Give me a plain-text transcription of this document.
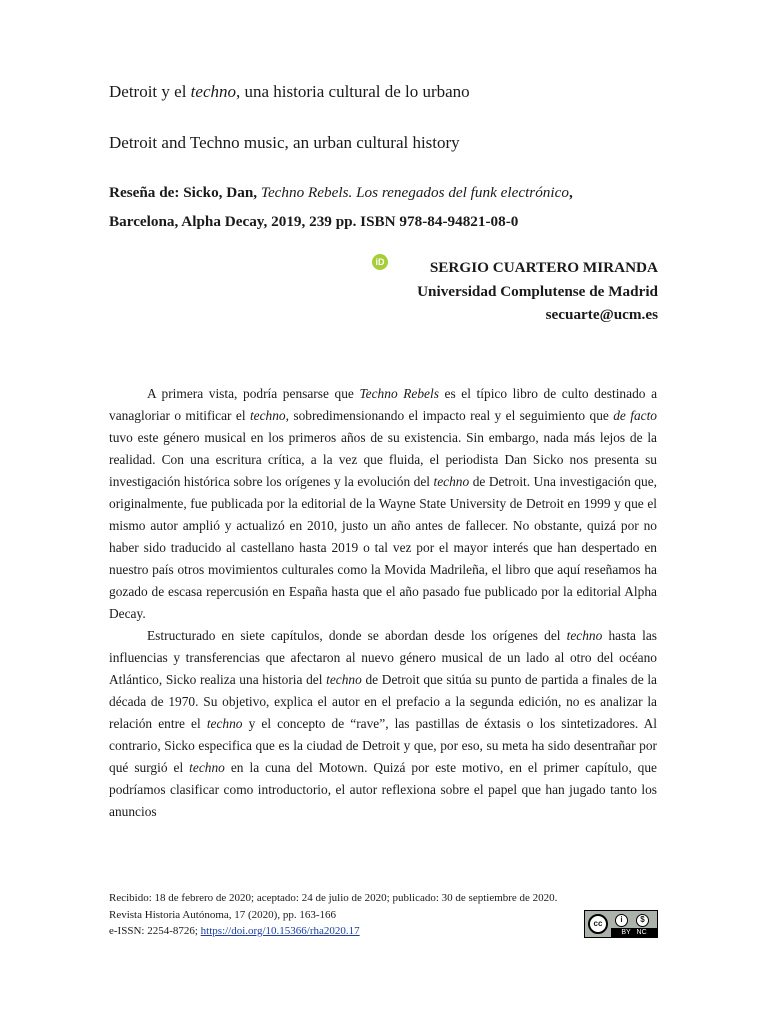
Detroit y el techno, una historia cultural de lo urbano
Detroit and Techno music, an urban cultural history
Reseña de: Sicko, Dan, Techno Rebels. Los renegados del funk electrónico,
Barcelona, Alpha Decay, 2019, 239 pp. ISBN 978-84-94821-08-0
iD	SERGIO CUARTERO MIRANDA
Universidad Complutense de Madrid
secuarte@ucm.es

A primera vista, podría pensarse que Techno Rebels es el típico libro de culto destinado a vanagloriar o mitificar el techno, sobredimensionando el impacto real y el seguimiento que de facto tuvo este género musical en los primeros años de su existencia. Sin embargo, nada más lejos de la realidad. Con una escritura crítica, a la vez que fluida, el periodista Dan Sicko nos presenta su investigación histórica sobre los orígenes y la evolución del techno de Detroit. Una investigación que, originalmente, fue publicada por la editorial de la Wayne State University de Detroit en 1999 y que el mismo autor amplió y actualizó en 2010, justo un año antes de fallecer. No obstante, quizá por no haber sido traducido al castellano hasta 2019 o tal vez por el mayor interés que han despertado en nuestro país otros movimientos culturales como la Movida Madrileña, el libro que aquí reseñamos ha gozado de escasa repercusión en España hasta que el año pasado fue publicado por la editorial Alpha Decay.

Estructurado en siete capítulos, donde se abordan desde los orígenes del techno hasta las influencias y transferencias que afectaron al nuevo género musical de un lado al otro del océano Atlántico, Sicko realiza una historia del techno de Detroit que sitúa su punto de partida a finales de la década de 1970. Su objetivo, explica el autor en el prefacio a la segunda edición, no es analizar la relación entre el techno y el concepto de “rave”, las pastillas de éxtasis o los sintetizadores. Al contrario, Sicko especifica que es la ciudad de Detroit y que, por eso, su meta ha sido desentrañar por qué surgió el techno en la cuna del Motown. Quizá por este motivo, en el primer capítulo, que podríamos clasificar como introductorio, el autor reflexiona sobre el papel que han jugado tanto los anuncios

Recibido: 18 de febrero de 2020; aceptado: 24 de julio de 2020; publicado: 30 de septiembre de 2020.
Revista Historia Autónoma, 17 (2020), pp. 163-166
e-ISSN: 2254-8726; https://doi.org/10.15366/rha2020.17
cc	i	$
BY NC
